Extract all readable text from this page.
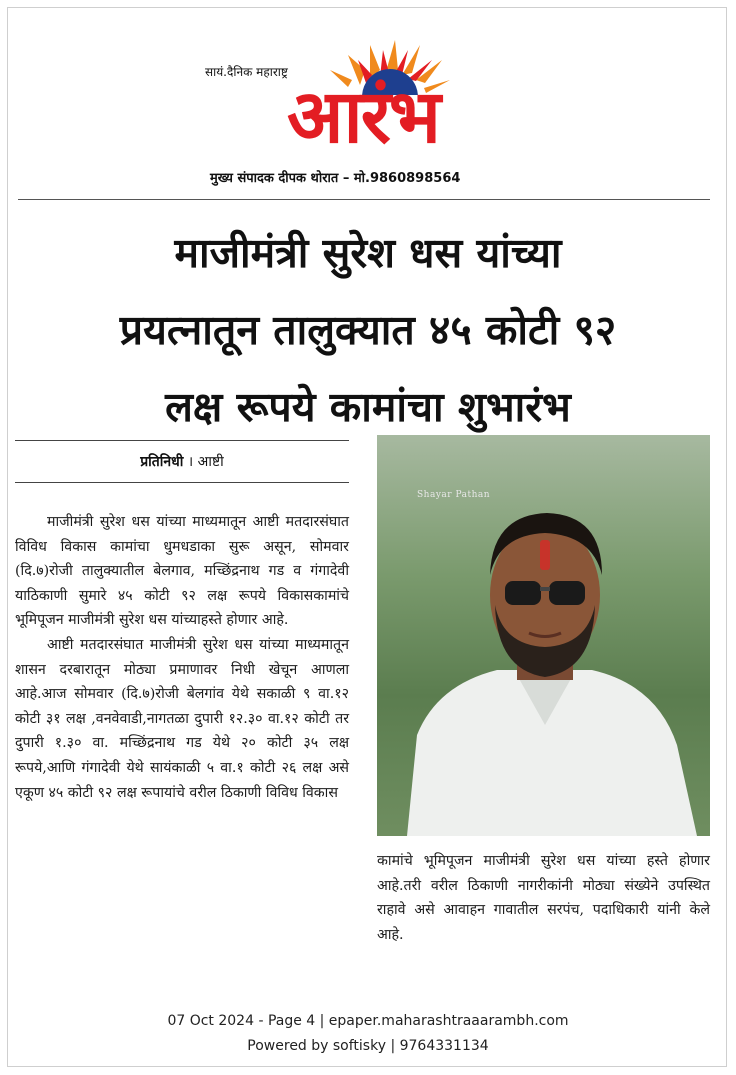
सायं.दैनिक महाराष्ट्र
आरंभ
मुख्य संपादक दीपक थोरात – मो.9860898564
माजीमंत्री सुरेश धस यांच्या
प्रयत्नातून तालुक्यात ४५ कोटी ९२
लक्ष रूपये कामांचा शुभारंभ
प्रतिनिधी । आष्टी

माजीमंत्री सुरेश धस यांच्या माध्यमातून आष्टी मतदारसंघात विविध विकास कामांचा धुमधडाका सुरू असून, सोमवार (दि.७)रोजी तालुक्यातील बेलगाव, मच्छिंद्रनाथ गड व गंगादेवी याठिकाणी सुमारे ४५ कोटी ९२ लक्ष रूपये विकासकामांचे भूमिपूजन माजीमंत्री सुरेश धस यांच्याहस्ते होणार आहे.

आष्टी मतदारसंघात माजीमंत्री सुरेश धस यांच्या माध्यमातून शासन दरबारातून मोठ्या प्रमाणावर निधी खेचून आणला आहे.आज सोमवार (दि.७)रोजी बेलगांव येथे सकाळी ९ वा.१२ कोटी ३१ लक्ष ,वनवेवाडी,नागतळा दुपारी १२.३० वा.१२ कोटी तर दुपारी १.३० वा. मच्छिंद्रनाथ गड येथे २० कोटी ३५ लक्ष रूपये,आणि गंगादेवी येथे सायंकाळी ५ वा.१ कोटी २६ लक्ष असे एकूण ४५ कोटी ९२ लक्ष रूपायांचे वरील ठिकाणी विविध विकास

Shayar Pathan
कामांचे भूमिपूजन माजीमंत्री सुरेश धस यांच्या हस्ते होणार आहे.तरी वरील ठिकाणी नागरीकांनी मोठ्या संख्येने उपस्थित राहावे असे आवाहन गावातील सरपंच, पदाधिकारी यांनी केले आहे.
07 Oct 2024 - Page 4 | epaper.maharashtraaarambh.com
Powered by softisky | 9764331134
